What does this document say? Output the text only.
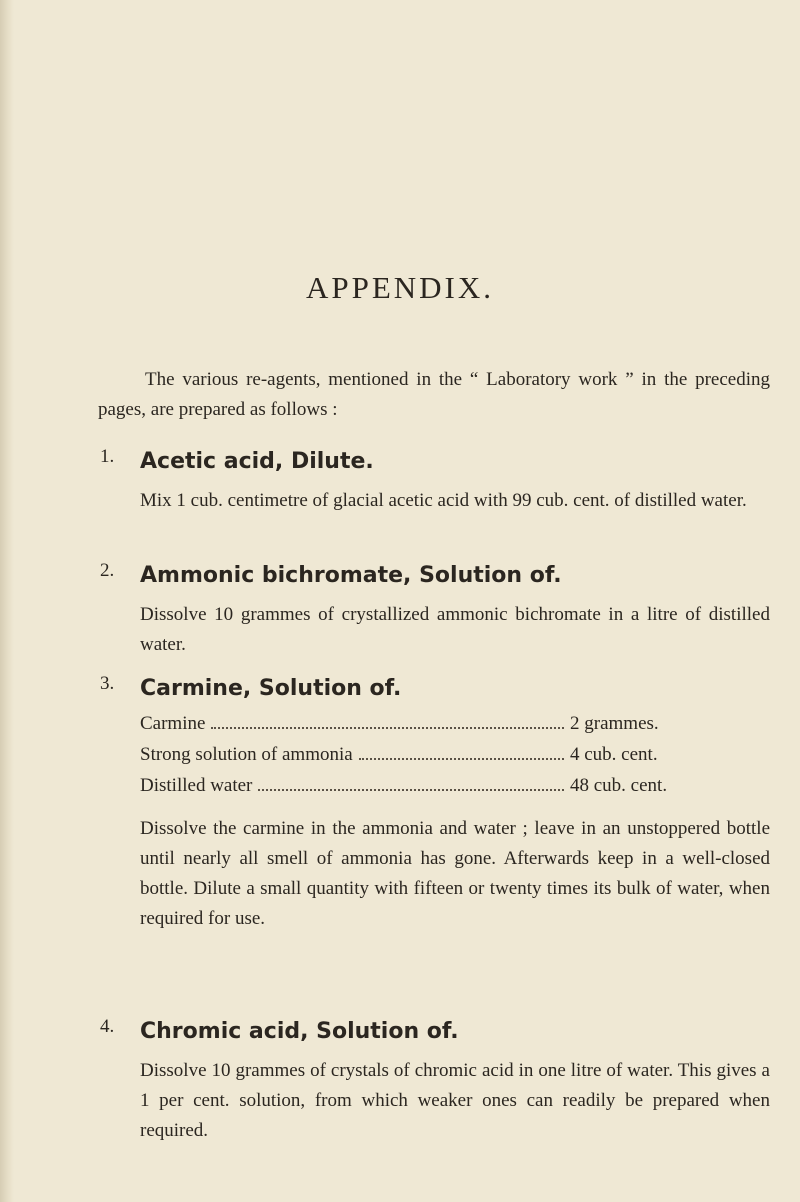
APPENDIX.

The various re-agents, mentioned in the “ Laboratory work ” in the preceding pages, are prepared as follows :

1. Acetic acid, Dilute.

Mix 1 cub. centimetre of glacial acetic acid with 99 cub. cent. of distilled water.

2. Ammonic bichromate, Solution of.

Dissolve 10 grammes of crystallized ammonic bichromate in a litre of distilled water.

3. Carmine, Solution of.

Carmine	2 grammes.
Strong solution of ammonia	4 cub. cent.
Distilled water	48 cub. cent.

Dissolve the carmine in the ammonia and water ; leave in an unstoppered bottle until nearly all smell of ammonia has gone. Afterwards keep in a well-closed bottle. Dilute a small quantity with fifteen or twenty times its bulk of water, when required for use.

4. Chromic acid, Solution of.

Dissolve 10 grammes of crystals of chromic acid in one litre of water. This gives a 1 per cent. solution, from which weaker ones can readily be prepared when required.
